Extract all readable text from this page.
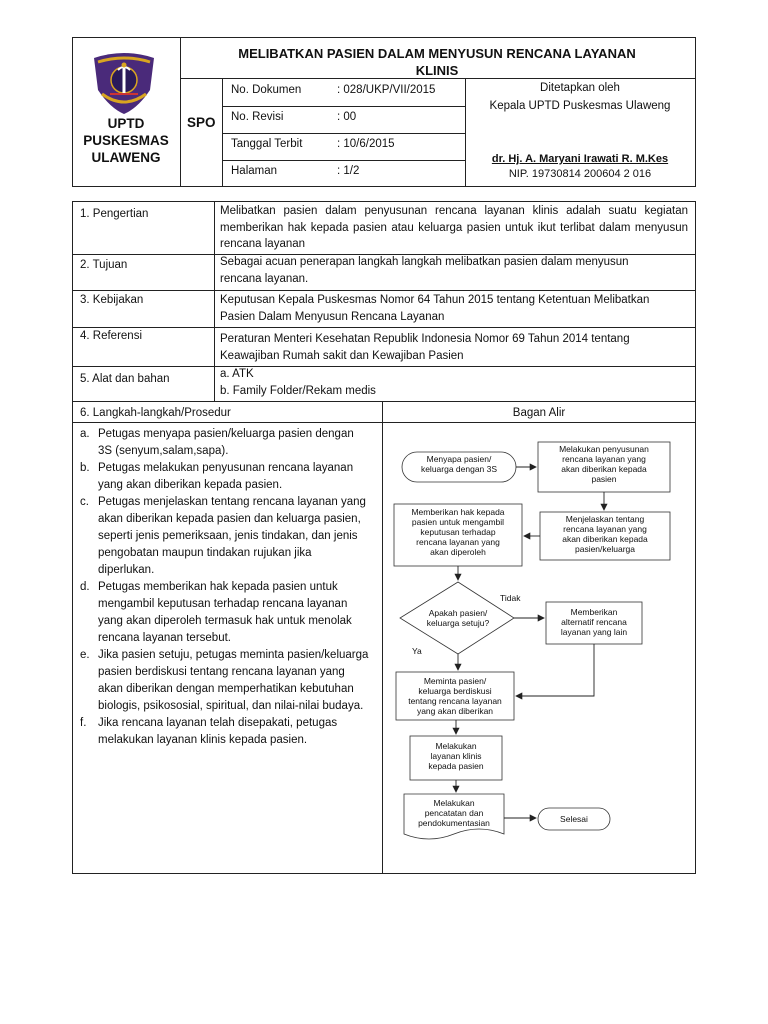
UPTD
PUSKESMAS
ULAWENG
SPO
MELIBATKAN PASIEN DALAM MENYUSUN RENCANA LAYANAN
KLINIS
No. Dokumen	: 028/UKP/VII/2015
No. Revisi	: 00
Tanggal Terbit	: 10/6/2015
Halaman	: 1/2
Ditetapkan oleh
Kepala UPTD Puskesmas Ulaweng
dr. Hj. A. Maryani Irawati R. M.Kes
NIP. 19730814 200604 2 016
1. Pengertian	Melibatkan pasien dalam penyusunan rencana layanan klinis adalah suatu kegiatan memberikan hak kepada pasien atau keluarga pasien untuk ikut terlibat dalam menyusun rencana layanan
2. Tujuan	Sebagai acuan penerapan langkah langkah melibatkan pasien dalam menyusun rencana layanan.
3. Kebijakan	Keputusan Kepala Puskesmas Nomor 64 Tahun 2015 tentang Ketentuan Melibatkan Pasien Dalam Menyusun Rencana Layanan
4. Referensi	Peraturan Menteri Kesehatan Republik Indonesia Nomor 69 Tahun 2014 tentang Keawajiban Rumah sakit dan Kewajiban Pasien
5. Alat dan bahan	a. ATK
b. Family Folder/Rekam medis
6. Langkah-langkah/Prosedur	Bagan Alir
a. Petugas menyapa pasien/keluarga pasien dengan 3S (senyum,salam,sapa).
b. Petugas melakukan penyusunan rencana layanan yang akan diberikan kepada pasien.
c. Petugas menjelaskan tentang rencana layanan yang akan diberikan kepada pasien dan keluarga pasien, seperti jenis pemeriksaan, jenis tindakan, dan jenis pengobatan maupun tindakan rujukan jika diperlukan.
d. Petugas memberikan hak kepada pasien untuk mengambil keputusan terhadap rencana layanan yang akan diperoleh termasuk hak untuk menolak rencana layanan tersebut.
e. Jika pasien setuju, petugas meminta pasien/keluarga pasien berdiskusi tentang rencana layanan yang akan diberikan dengan memperhatikan kebutuhan biologis, psikososial, spiritual, dan nilai-nilai budaya.
f.	Jika rencana layanan telah disepakati, petugas melakukan layanan klinis kepada pasien.
Menyapa pasien/
keluarga dengan 3S
Melakukan penyusunan
rencana layanan yang
akan diberikan kepada
pasien
Menjelaskan tentang
rencana layanan yang
akan diberikan kepada
pasien/keluarga
Memberikan hak kepada
pasien untuk mengambil
keputusan terhadap
rencana layanan yang
akan diperoleh
Apakah pasien/
keluarga setuju?
Tidak
Ya
Memberikan
alternatif rencana
layanan yang lain
Meminta pasien/
keluarga berdiskusi
tentang rencana layanan
yang akan diberikan
Melakukan
layanan klinis
kepada pasien
Melakukan
pencatatan dan
pendokumentasian	Selesai
